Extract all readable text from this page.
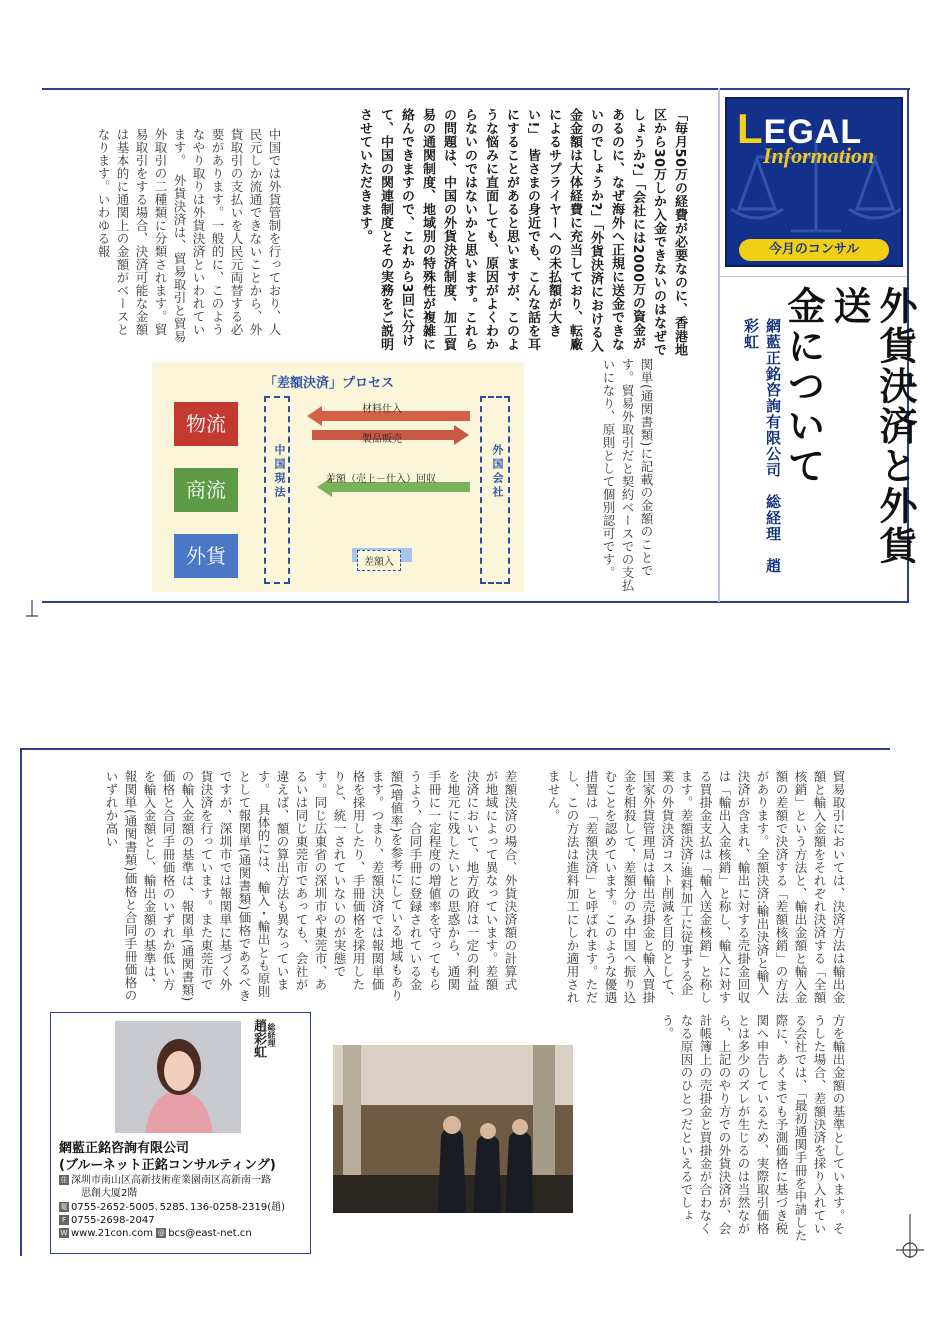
LEGAL
Information
今月のコンサル
外貨決済と外貨送
金について

網藍正銘咨詢有限公司　総経理　趙彩虹

「毎月50万の経費が必要なのに、香港地区から30万しか入金できないのはなぜでしょうか?」「会社には2000万の資金があるのに、なぜ海外へ正規に送金できないのでしょうか?」「外貨決済における入金金額は大体経費に充当しており、転廠によるサプライヤーへの未払額が大きい!」　皆さまの身近でも、こんな話を耳にすることがあると思いますが、このような悩みに直面しても、原因がよくわからないのではないかと思います。これらの問題は、中国の外貨決済制度、加工貿易の通関制度、地域別の特殊性が複雑に絡んできますので、これから3回に分けて、中国の関連制度とその実務をご説明させていただきます。

関単(通関書類)に記載の金額のことです。貿易外取引だと契約ベースでの支払いになり、原則として個別認可です。

中国では外貨管制を行っており、人民元しか流通できないことから、外貨取引の支払いを人民元両替する必要があります。一般的に、このようなやり取りは外貨決済といわれています。　外貨決済は、貿易取引と貿易外取引の二種類に分類されます。貿易取引をする場合、決済可能な金額は基本的に通関上の金額がベースとなります。いわゆる報

「差額決済」プロセス
物流
商流
外貨
中国現法	外国会社
材料仕入
製品販売
差額（売上－仕入）回収
差額入

貿易取引においては、決済方法は輸出金額と輸入金額をそれぞれ決済する「全額核銷」という方法と、輸出金額と輸入金額の差額で決済する「差額核銷」の方法があります。全額決済:輸出決済と輸入決済が含まれ、輸出に対する売掛金回収は「輸出入金核銷」と称し、輸入に対する買掛金支払は「輸入送金核銷」と称します。差額決済:進料加工に従事する企業の外貨決済コスト削減を目的として、国家外貨管理局は輸出売掛金と輸入買掛金を相殺して、差額分のみ中国へ振り込むことを認めています。このような優遇措置は「差額決済」と呼ばれます。ただし、この方法は進料加工にしか適用されません。

差額決済の場合、外貨決済額の計算式が地域によって異なっています。差額決済において、地方政府は一定の利益を地元に残したいとの思惑から、通関手冊に一定程度の増値率を守ってもらうよう、合同手冊に登録されている金額(増値率)を参考にしている地域もあります。つまり、差額決済では報関単価格を採用したり、手冊価格を採用したりと、統一されていないのが実態です。同じ広東省の深圳市や東莞市、あるいは同じ東莞市であっても、会社が違えば、額の算出方法も異なっています。　具体的には、輸入・輸出とも原則として報関単(通関書類)価格であるべきですが、深圳市では報関単に基づく外貨決済を行っています。また東莞市での輸入金額の基準は、報関単(通関書類)価格と合同手冊価格のいずれか低い方を輸入金額とし、輸出金額の基準は、報関単(通関書類)価格と合同手冊価格のいずれか高い

方を輸出金額の基準としています。そうした場合、差額決済を採り入れている会社では、「最初通関手冊を申請した際に、あくまでも予測価格に基づき税関へ申告しているため、実際取引価格とは多少のズレが生じるのは当然ながら、上記のやり方での外貨決済が、会計帳簿上の売掛金と買掛金が合わなくなる原因のひとつだといえるでしょう。

総経理
趙彩虹
網藍正銘咨詢有限公司
(ブルーネット正銘コンサルティング)
住 深圳市南山区高新技術産業園南区高新南一路
思創大厦2階
電 0755-2652-5005､5285､136-0258-2319(趙)
F 0755-2698-2047
W www.21con.com @ bcs@east-net.cn
